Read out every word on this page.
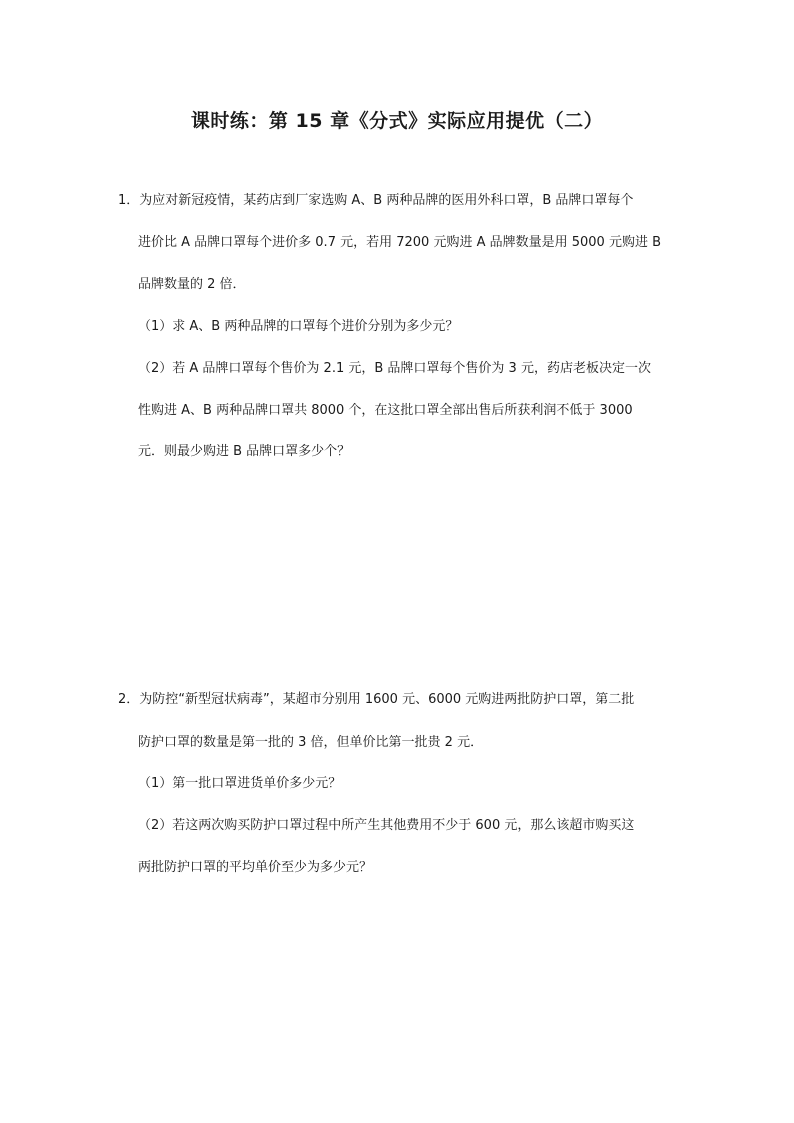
课时练：第 15 章《分式》实际应用提优（二）
1．为应对新冠疫情，某药店到厂家选购 A、B 两种品牌的医用外科口罩，B 品牌口罩每个
进价比 A 品牌口罩每个进价多 0.7 元，若用 7200 元购进 A 品牌数量是用 5000 元购进 B
品牌数量的 2 倍．
（1）求 A、B 两种品牌的口罩每个进价分别为多少元？
（2）若 A 品牌口罩每个售价为 2.1 元，B 品牌口罩每个售价为 3 元，药店老板决定一次
性购进 A、B 两种品牌口罩共 8000 个，在这批口罩全部出售后所获利润不低于 3000
元．则最少购进 B 品牌口罩多少个？
2．为防控“新型冠状病毒”，某超市分别用 1600 元、6000 元购进两批防护口罩，第二批
防护口罩的数量是第一批的 3 倍，但单价比第一批贵 2 元．
（1）第一批口罩进货单价多少元？
（2）若这两次购买防护口罩过程中所产生其他费用不少于 600 元，那么该超市购买这
两批防护口罩的平均单价至少为多少元？
